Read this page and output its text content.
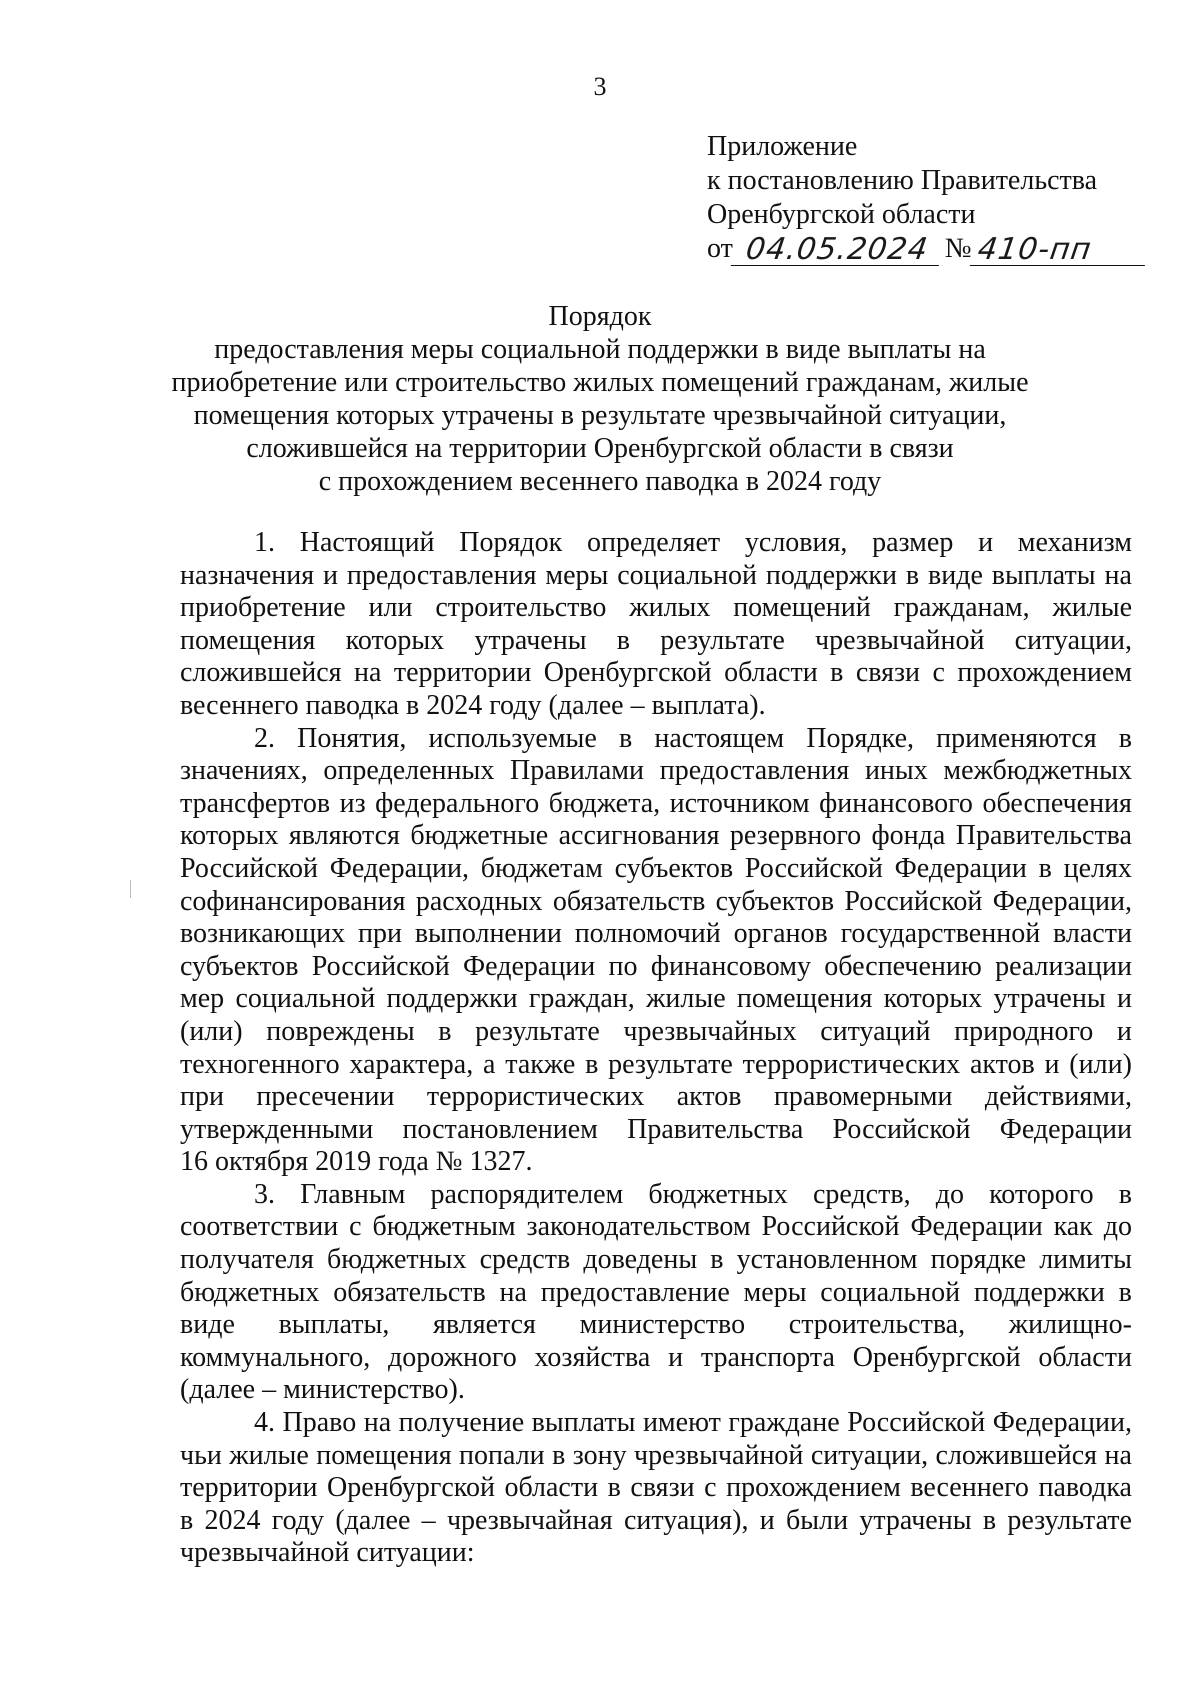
3
Приложение
к постановлению Правительства
Оренбургской области
от 04.05.2024 № 410-пп
Порядок
предоставления меры социальной поддержки в виде выплаты на
приобретение или строительство жилых помещений гражданам, жилые
помещения которых утрачены в результате чрезвычайной ситуации,
сложившейся на территории Оренбургской области в связи
с прохождением весеннего паводка в 2024 году
1. Настоящий Порядок определяет условия, размер и механизм
назначения и предоставления меры социальной поддержки в виде выплаты на
приобретение или строительство жилых помещений гражданам, жилые
помещения которых утрачены в результате чрезвычайной ситуации,
сложившейся на территории Оренбургской области в связи с прохождением
весеннего паводка в 2024 году (далее – выплата).
2. Понятия, используемые в настоящем Порядке, применяются в
значениях, определенных Правилами предоставления иных межбюджетных
трансфертов из федерального бюджета, источником финансового обеспечения
которых являются бюджетные ассигнования резервного фонда Правительства
Российской Федерации, бюджетам субъектов Российской Федерации в целях
софинансирования расходных обязательств субъектов Российской Федерации,
возникающих при выполнении полномочий органов государственной власти
субъектов Российской Федерации по финансовому обеспечению реализации
мер социальной поддержки граждан, жилые помещения которых утрачены и
(или) повреждены в результате чрезвычайных ситуаций природного и
техногенного характера, а также в результате террористических актов и (или)
при пресечении террористических актов правомерными действиями,
утвержденными постановлением Правительства Российской Федерации
16 октября 2019 года № 1327.
3. Главным распорядителем бюджетных средств, до которого в
соответствии с бюджетным законодательством Российской Федерации как до
получателя бюджетных средств доведены в установленном порядке лимиты
бюджетных обязательств на предоставление меры социальной поддержки в
виде выплаты, является министерство строительства, жилищно-
коммунального, дорожного хозяйства и транспорта Оренбургской области
(далее – министерство).
4. Право на получение выплаты имеют граждане Российской Федерации,
чьи жилые помещения попали в зону чрезвычайной ситуации, сложившейся на
территории Оренбургской области в связи с прохождением весеннего паводка
в 2024 году (далее – чрезвычайная ситуация), и были утрачены в результате
чрезвычайной ситуации:
